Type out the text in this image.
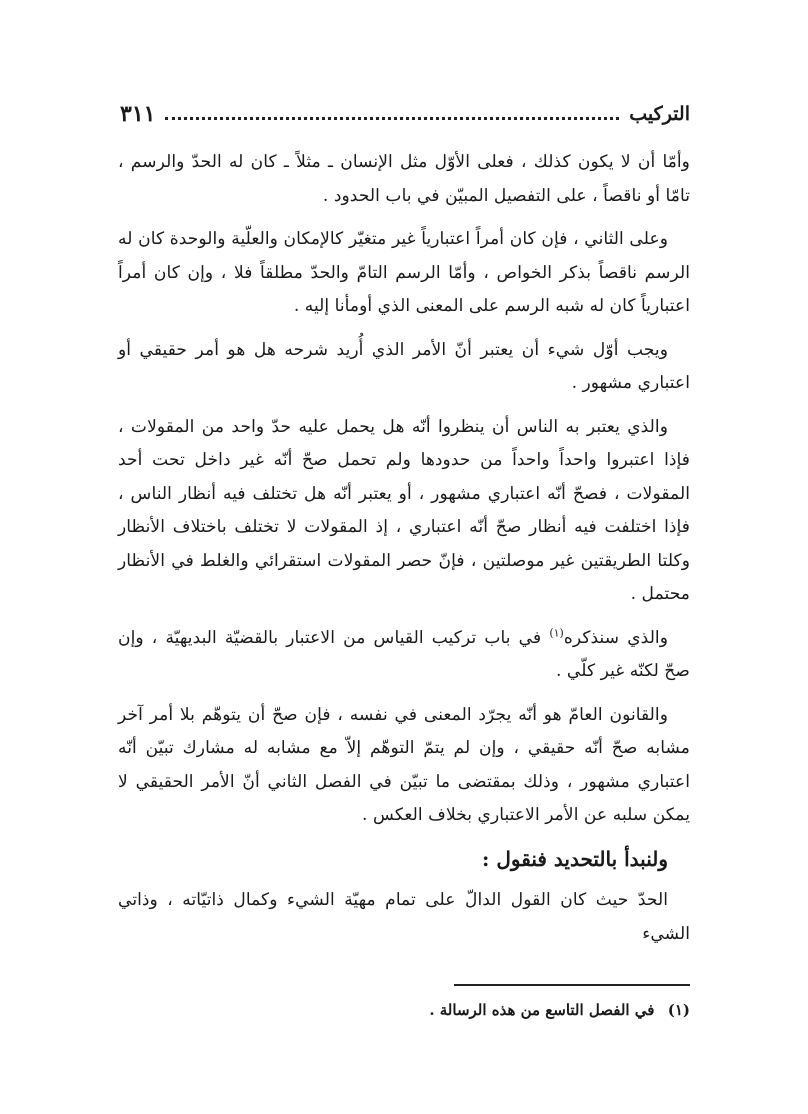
التركيب
٣١١

وأمّا أن لا يكون كذلك ، فعلى الأوّل مثل الإنسان ـ مثلاً ـ كان له الحدّ والرسم ، تامّا أو ناقصاً ، على التفصيل المبيّن في باب الحدود .

وعلى الثاني ، فإن كان أمراً اعتبارياً غير متغيّر كالإمكان والعلّية والوحدة كان له الرسم ناقصاً بذكر الخواص ، وأمّا الرسم التامّ والحدّ مطلقاً فلا ، وإن كان أمراً اعتبارياً كان له شبه الرسم على المعنى الذي أومأنا إليه .

ويجب أوّل شيء أن يعتبر أنّ الأمر الذي أُريد شرحه هل هو أمر حقيقي أو اعتباري مشهور .

والذي يعتبر به الناس أن ينظروا أنّه هل يحمل عليه حدّ واحد من المقولات ، فإذا اعتبروا واحداً واحداً من حدودها ولم تحمل صحّ أنّه غير داخل تحت أحد المقولات ، فصحّ أنّه اعتباري مشهور ، أو يعتبر أنّه هل تختلف فيه أنظار الناس ، فإذا اختلفت فيه أنظار صحّ أنّه اعتباري ، إذ المقولات لا تختلف باختلاف الأنظار وكلتا الطريقتين غير موصلتين ، فإنّ حصر المقولات استقرائي والغلط في الأنظار محتمل .

والذي سنذكره$^{(١)}$ في باب تركيب القياس من الاعتبار بالقضيّة البديهيّة ، وإن صحّ لكنّه غير كلّي .

والقانون العامّ هو أنّه يجرّد المعنى في نفسه ، فإن صحّ أن يتوهّم بلا أمر آخر مشابه صحّ أنّه حقيقي ، وإن لم يتمّ التوهّم إلاّ مع مشابه له مشارك تبيّن أنّه اعتباري مشهور ، وذلك بمقتضى ما تبيّن في الفصل الثاني أنّ الأمر الحقيقي لا يمكن سلبه عن الأمر الاعتباري بخلاف العكس .

ولنبدأ بالتحديد فنقول :

الحدّ حيث كان القول الدالّ على تمام مهيّة الشيء وكمال ذاتيّاته ، وذاتي الشيء

(١) في الفصل التاسع من هذه الرسالة .
